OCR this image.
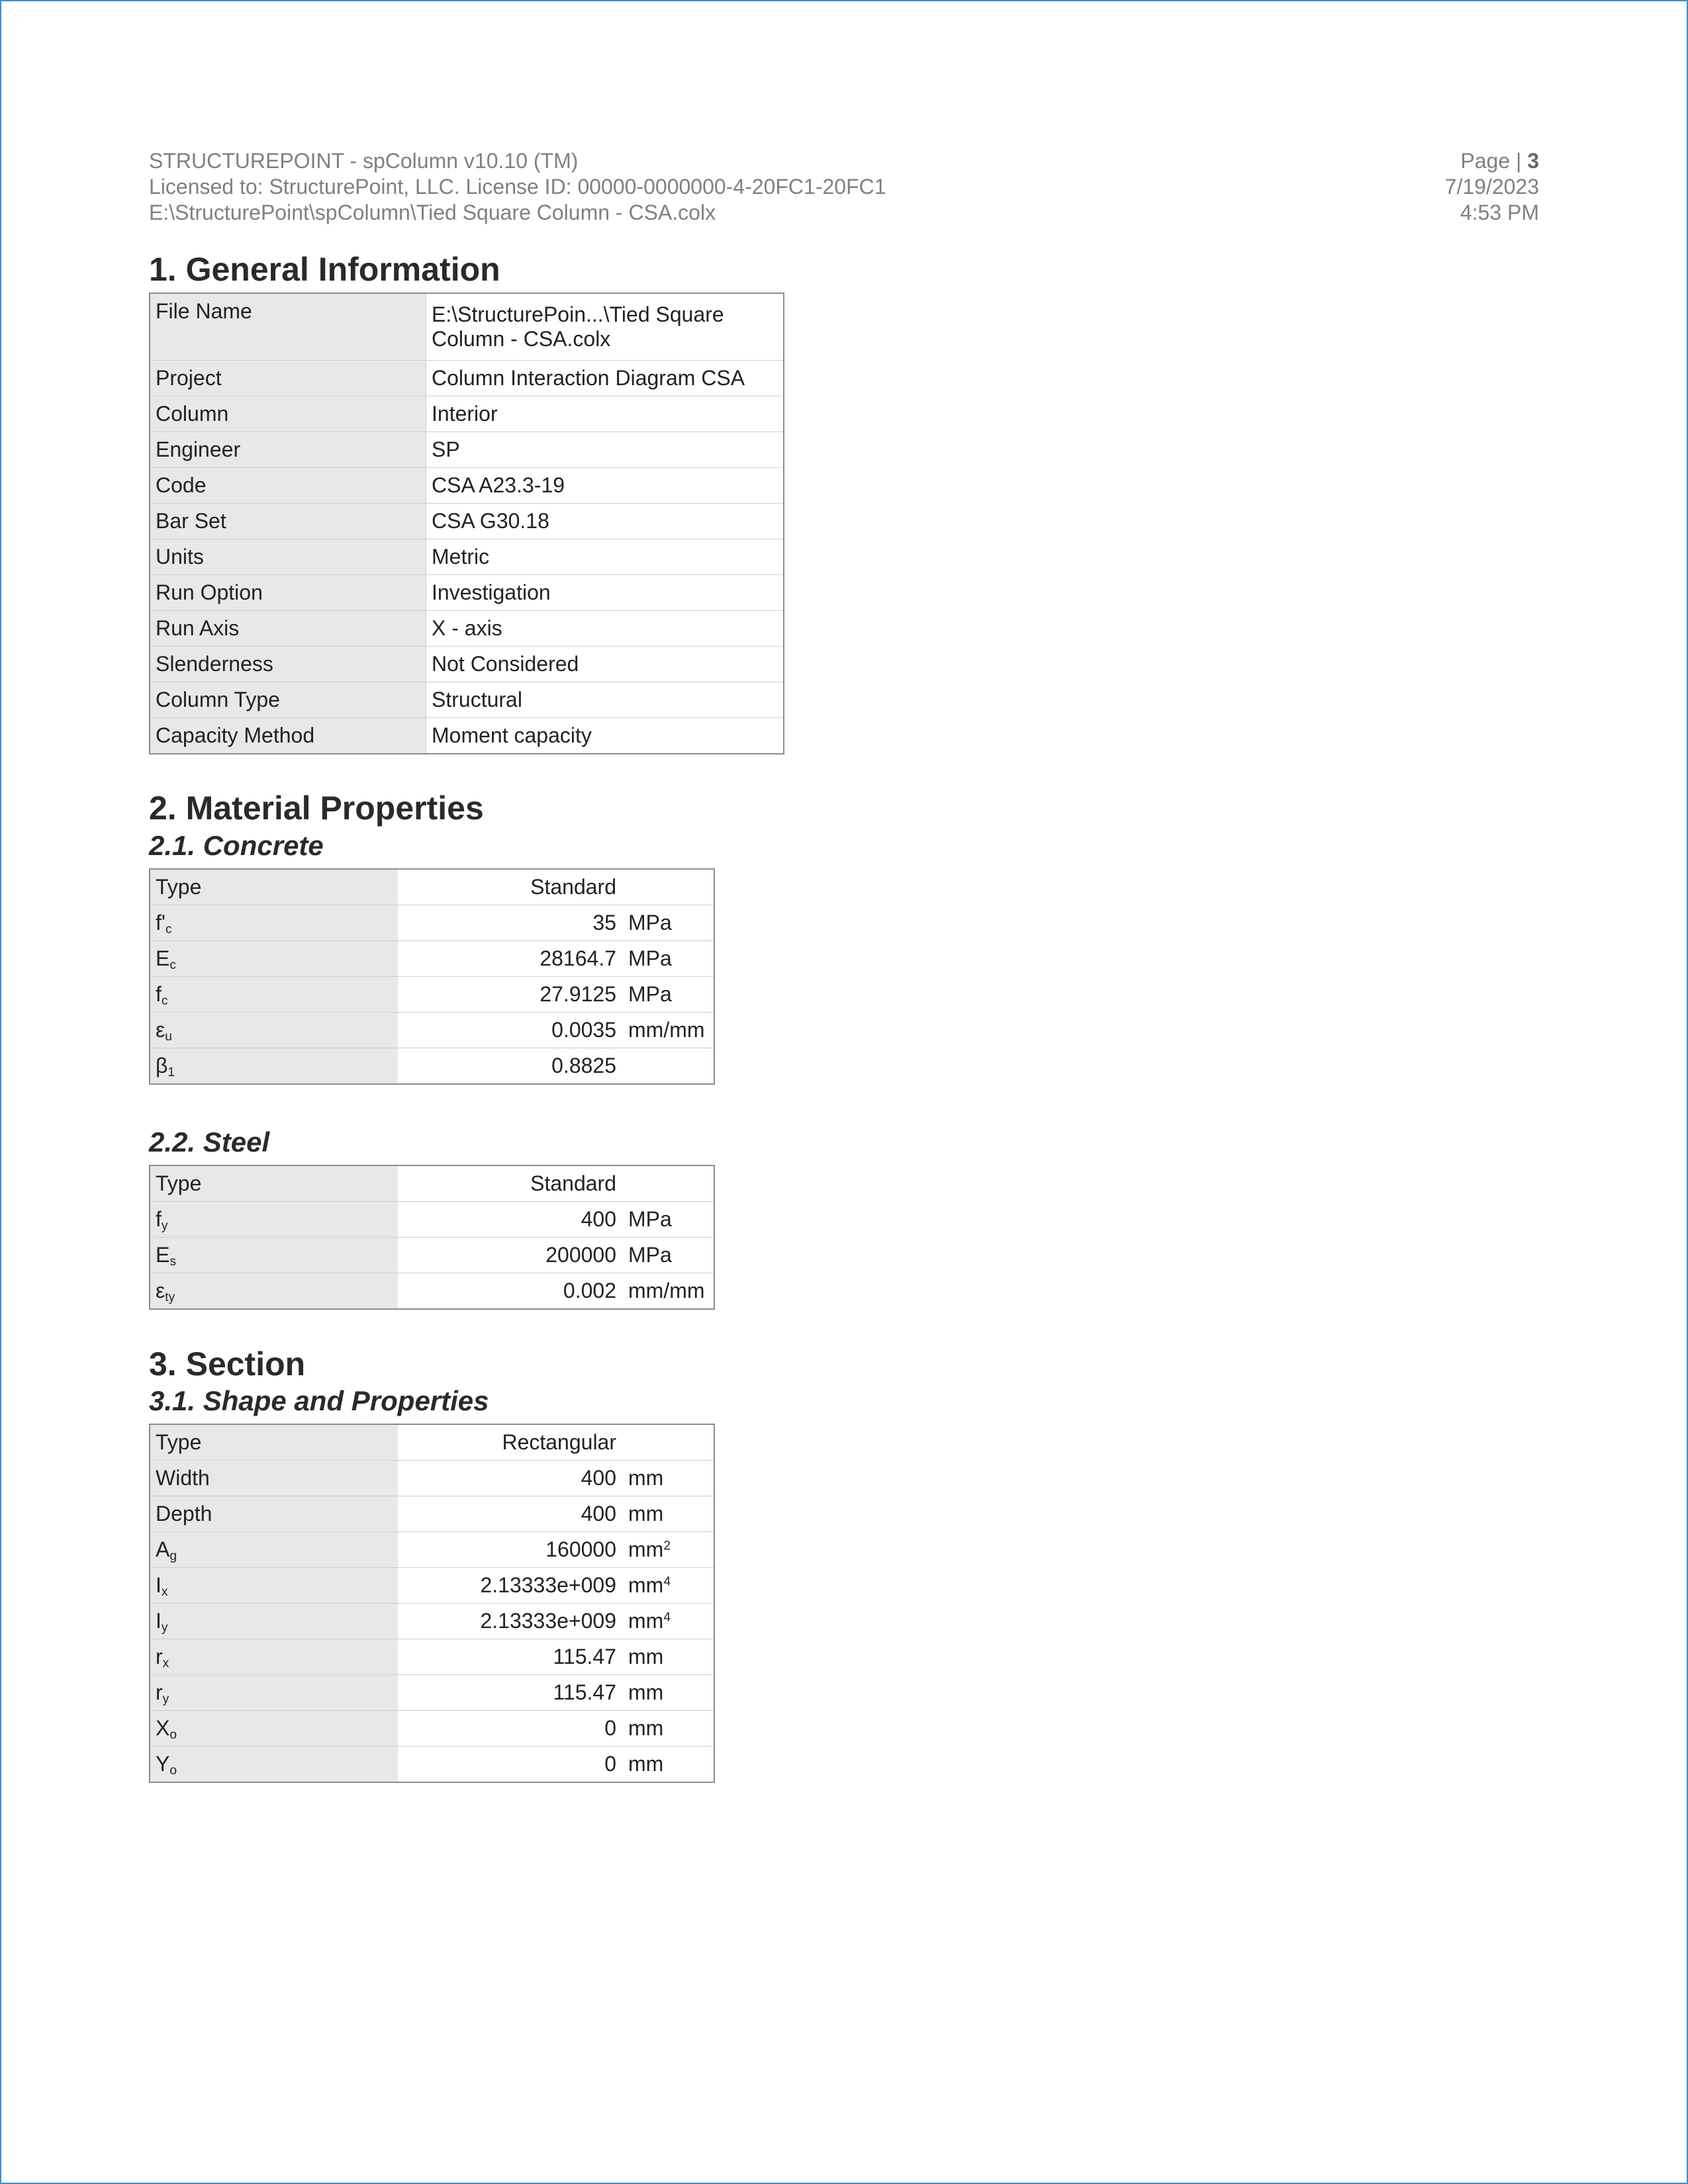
STRUCTUREPOINT - spColumn v10.10 (TM)
Licensed to: StructurePoint, LLC. License ID: 00000-0000000-4-20FC1-20FC1
E:\StructurePoint\spColumn\Tied Square Column - CSA.colx
Page | 3
7/19/2023
4:53 PM
1. General Information
File Name	E:\StructurePoin...\Tied Square
Column - CSA.colx

Project	Column Interaction Diagram CSA

Column	Interior

Engineer	SP

Code	CSA A23.3-19

Bar Set	CSA G30.18

Units	Metric

Run Option	Investigation

Run Axis	X - axis

Slenderness	Not Considered

Column Type	Structural

Capacity Method	Moment capacity
2. Material Properties
2.1. Concrete
Type	Standard	
$f'_c$	35	MPa
$E_c$	28164.7	MPa
$f_c$	27.9125	MPa
$\varepsilon_u$	0.0035	mm/mm
$\beta_1$	0.8825	
2.2. Steel
Type	Standard	
$f_y$	400	MPa
$E_s$	200000	MPa
$\varepsilon_{ty}$	0.002	mm/mm
3. Section
3.1. Shape and Properties
Type	Rectangular	
Width	400	mm
Depth	400	mm
$A_g$	160000	$mm^2$
$I_x$	2.13333e+009	$mm^4$
$I_y$	2.13333e+009	$mm^4$
$r_x$	115.47	mm
$r_y$	115.47	mm
$X_o$	0	mm
$Y_o$	0	mm
